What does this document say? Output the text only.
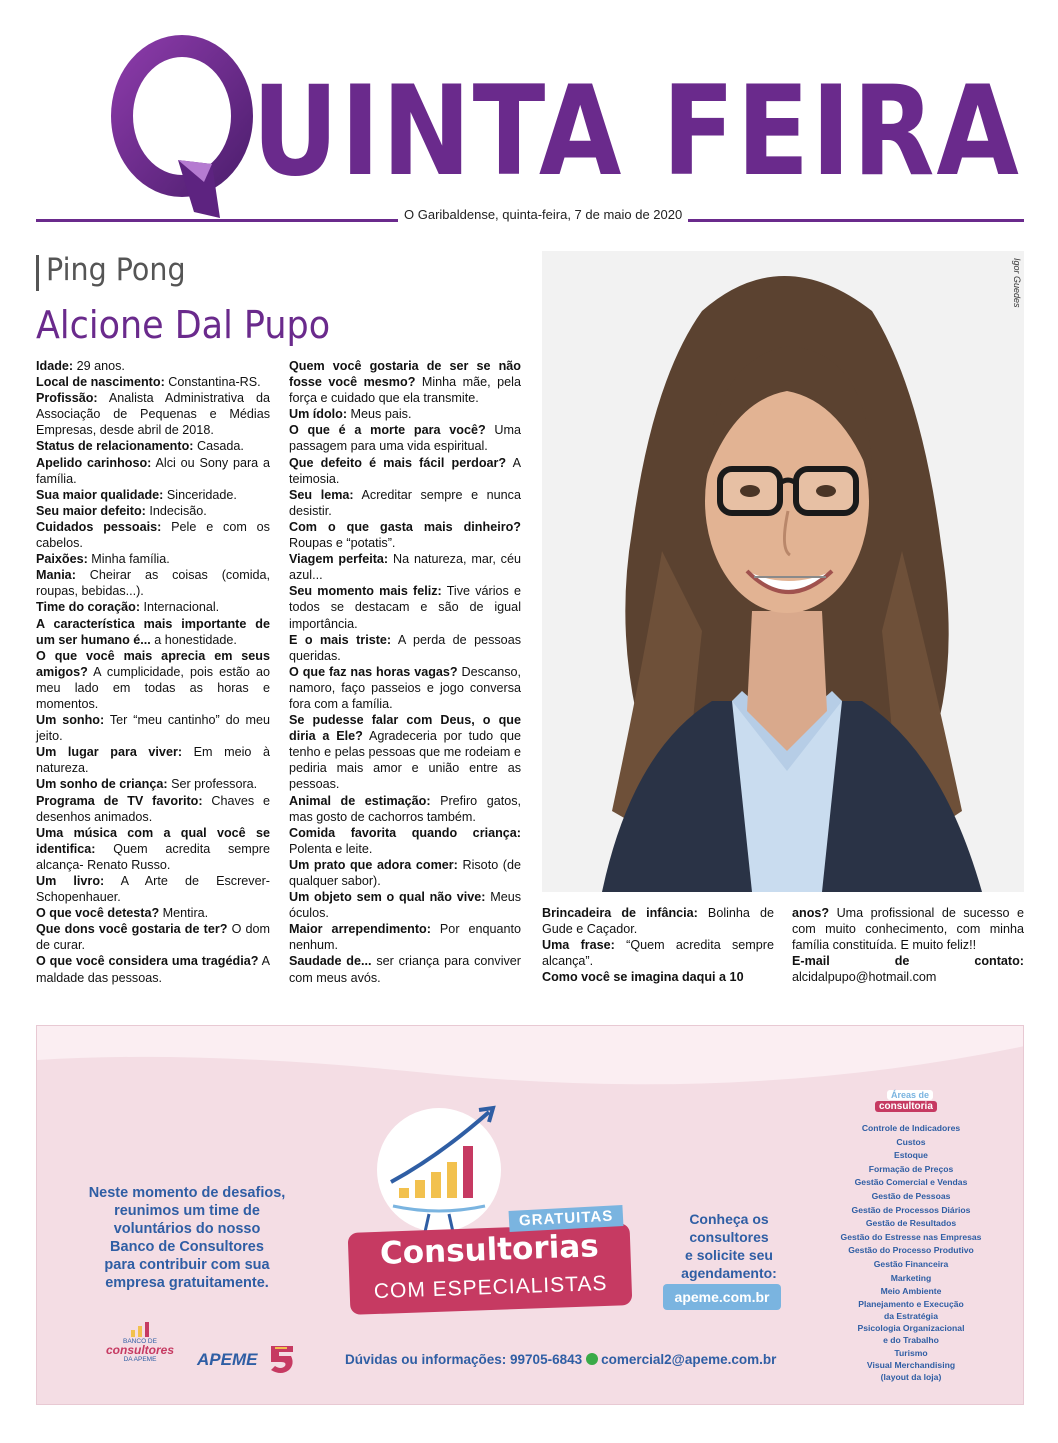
UINTA FEIRA
O Garibaldense, quinta-feira, 7 de maio de 2020
Ping Pong
Alcione Dal Pupo
Idade: 29 anos.
Local de nascimento: Constantina-RS.
Profissão: Analista Administrativa da Associação de Pequenas e Médias Empresas, desde abril de 2018.
Status de relacionamento: Casada.
Apelido carinhoso: Alci ou Sony para a família.
Sua maior qualidade: Sinceridade.
Seu maior defeito: Indecisão.
Cuidados pessoais: Pele e com os cabelos.
Paixões: Minha família.
Mania: Cheirar as coisas (comida, roupas, bebidas...).
Time do coração: Internacional.
A característica mais importante de um ser humano é... a honestidade.
O que você mais aprecia em seus amigos? A cumplicidade, pois estão ao meu lado em todas as horas e momentos.
Um sonho: Ter “meu cantinho” do meu jeito.
Um lugar para viver: Em meio à natureza.
Um sonho de criança: Ser professora.
Programa de TV favorito: Chaves e desenhos animados.
Uma música com a qual você se identifica: Quem acredita sempre alcança- Renato Russo.
Um livro: A Arte de Escrever- Schopenhauer.
O que você detesta? Mentira.
Que dons você gostaria de ter? O dom de curar.
O que você considera uma tragédia? A maldade das pessoas.
Quem você gostaria de ser se não fosse você mesmo? Minha mãe, pela força e cuidado que ela transmite.
Um ídolo: Meus pais.
O que é a morte para você? Uma passagem para uma vida espiritual.
Que defeito é mais fácil perdoar? A teimosia.
Seu lema: Acreditar sempre e nunca desistir.
Com o que gasta mais dinheiro? Roupas e “potatis”.
Viagem perfeita: Na natureza, mar, céu azul...
Seu momento mais feliz: Tive vários e todos se destacam e são de igual importância.
E o mais triste: A perda de pessoas queridas.
O que faz nas horas vagas? Descanso, namoro, faço passeios e jogo conversa fora com a família.
Se pudesse falar com Deus, o que diria a Ele? Agradeceria por tudo que tenho e pelas pessoas que me rodeiam e pediria mais amor e união entre as pessoas.
Animal de estimação: Prefiro gatos, mas gosto de cachorros também.
Comida favorita quando criança: Polenta e leite.
Um prato que adora comer: Risoto (de qualquer sabor).
Um objeto sem o qual não vive: Meus óculos.
Maior arrependimento: Por enquanto nenhum.
Saudade de... ser criança para conviver com meus avós.
Igor Guedes
Brincadeira de infância: Bolinha de Gude e Caçador.
Uma frase: “Quem acredita sempre alcança”.
Como você se imagina daqui a 10
anos? Uma profissional de sucesso e com muito conhecimento, com minha família constituída. E muito feliz!!
E-mail de contato: alcidalpupo@hotmail.com
Neste momento de desafios,
reunimos um time de
voluntários do nosso
Banco de Consultores
para contribuir com sua
empresa gratuitamente.
Consultorias
COM ESPECIALISTAS
GRATUITAS	Conheça os
consultores
e solicite seu
agendamento:
apeme.com.br
Áreas de
consultoria
Controle de Indicadores
Custos
Estoque
Formação de Preços
Gestão Comercial e Vendas
Gestão de Pessoas
Gestão de Processos Diários
Gestão de Resultados
Gestão do Estresse nas Empresas
Gestão do Processo Produtivo
Gestão Financeira
Marketing
Meio Ambiente
Planejamento e Execução
da Estratégia
Psicologia Organizacional
e do Trabalho
Turismo
Visual Merchandising
(layout da loja)
BANCO DE
consultores
DA APEME	APEME	Dúvidas ou informações: 99705-6843 comercial2@apeme.com.br
